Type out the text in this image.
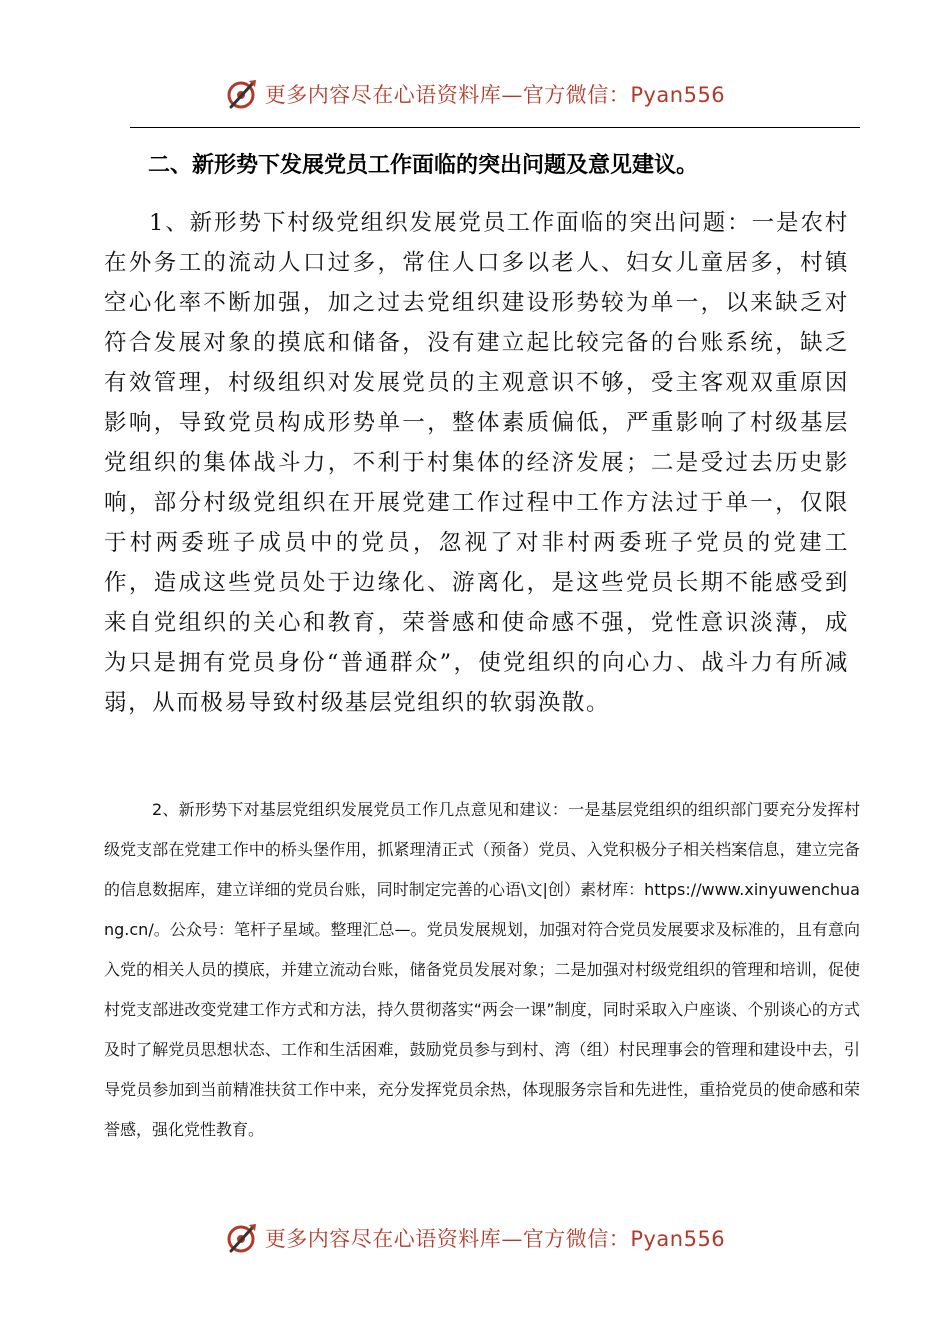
更多内容尽在心语资料库—官方微信：Pyan556
二、新形势下发展党员工作面临的突出问题及意见建议。

1、新形势下村级党组织发展党员工作面临的突出问题：一是农村在外务工的流动人口过多，常住人口多以老人、妇女儿童居多，村镇空心化率不断加强，加之过去党组织建设形势较为单一，以来缺乏对符合发展对象的摸底和储备，没有建立起比较完备的台账系统，缺乏有效管理，村级组织对发展党员的主观意识不够，受主客观双重原因影响，导致党员构成形势单一，整体素质偏低，严重影响了村级基层党组织的集体战斗力，不利于村集体的经济发展；二是受过去历史影响，部分村级党组织在开展党建工作过程中工作方法过于单一，仅限于村两委班子成员中的党员，忽视了对非村两委班子党员的党建工作，造成这些党员处于边缘化、游离化，是这些党员长期不能感受到来自党组织的关心和教育，荣誉感和使命感不强，党性意识淡薄，成为只是拥有党员身份“普通群众”，使党组织的向心力、战斗力有所减弱，从而极易导致村级基层党组织的软弱涣散。

2、新形势下对基层党组织发展党员工作几点意见和建议：一是基层党组织的组织部门要充分发挥村级党支部在党建工作中的桥头堡作用，抓紧理清正式（预备）党员、入党积极分子相关档案信息，建立完备的信息数据库，建立详细的党员台账，同时制定完善的心语\文|创）素材库：https://www.xinyuwenchuang.cn/。公众号：笔杆子星域。整理汇总—。党员发展规划，加强对符合党员发展要求及标准的，且有意向入党的相关人员的摸底，并建立流动台账，储备党员发展对象；二是加强对村级党组织的管理和培训，促使村党支部进改变党建工作方式和方法，持久贯彻落实“两会一课”制度，同时采取入户座谈、个别谈心的方式及时了解党员思想状态、工作和生活困难，鼓励党员参与到村、湾（组）村民理事会的管理和建设中去，引导党员参加到当前精准扶贫工作中来，充分发挥党员余热，体现服务宗旨和先进性，重拾党员的使命感和荣誉感，强化党性教育。

更多内容尽在心语资料库—官方微信：Pyan556
